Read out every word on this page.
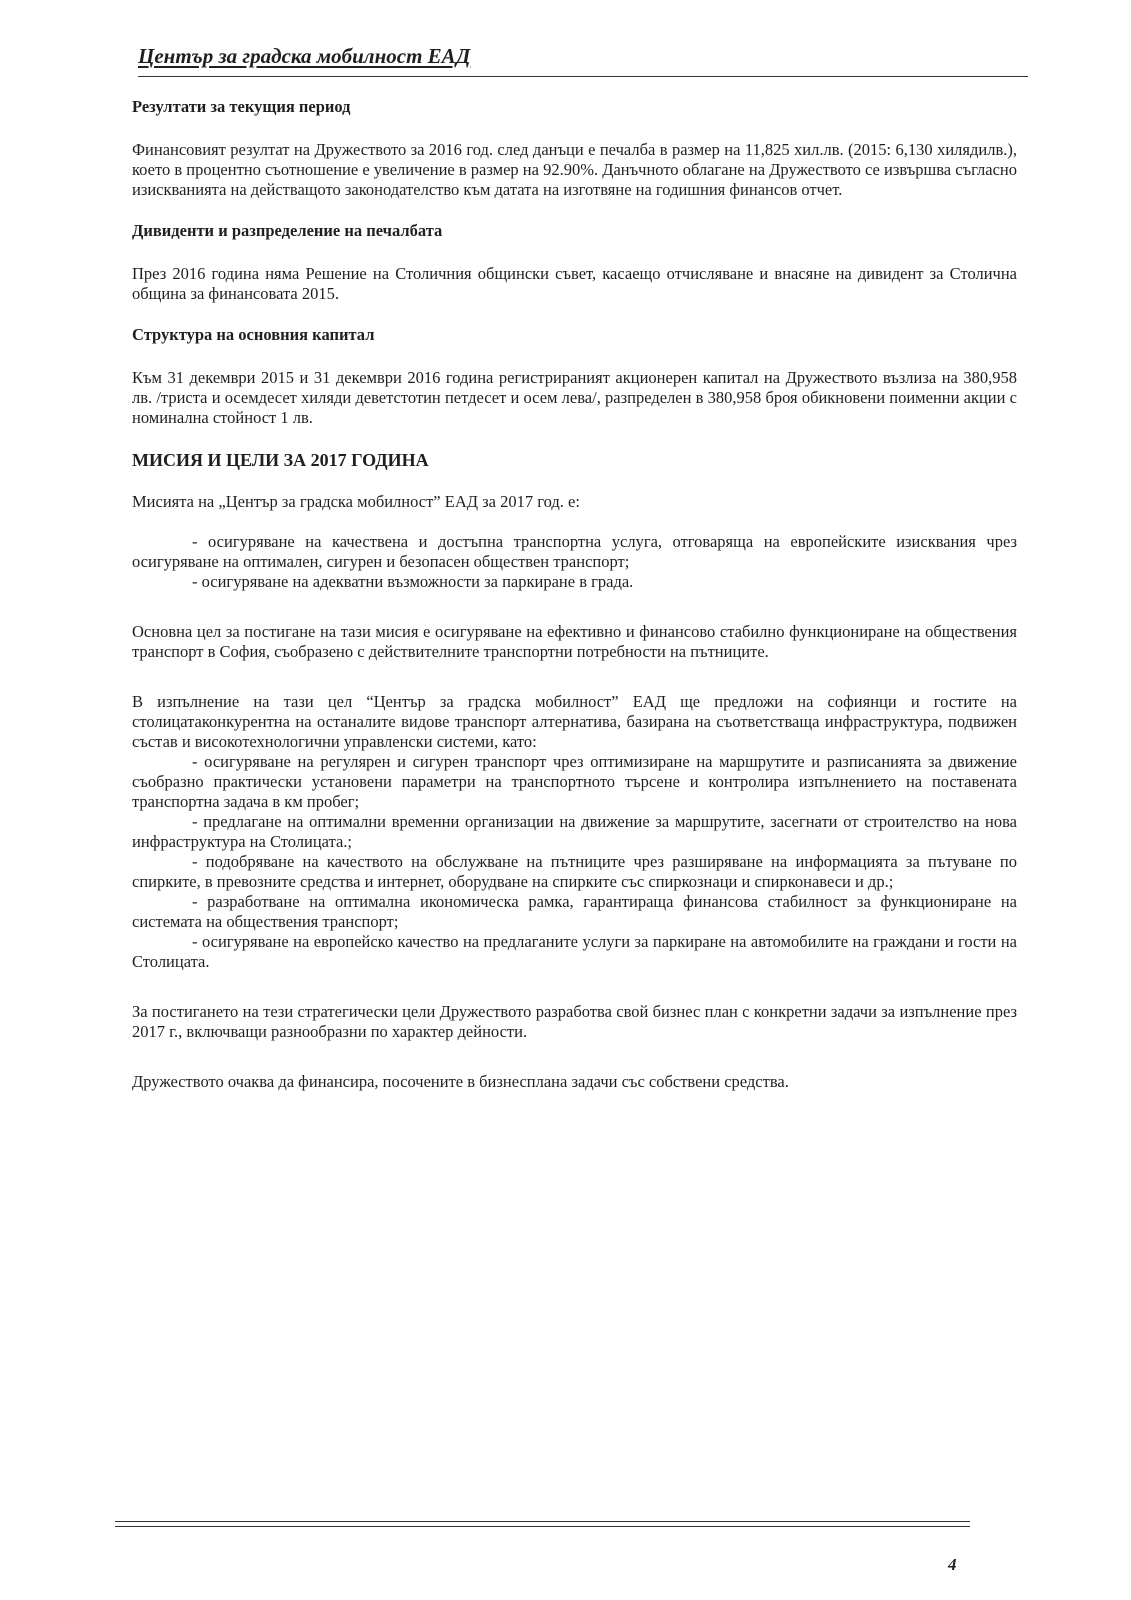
Център за градска мобилност ЕАД
Резултати за текущия период

Финансовият резултат на Дружеството за 2016 год. след данъци е печалба в размер на 11,825 хил.лв. (2015: 6,130 хилядилв.), което в процентно съотношение е увеличение в размер на 92.90%. Данъчното облагане на Дружеството се извършва съгласно изискванията на действащото законодателство към датата на изготвяне на годишния финансов отчет.

Дивиденти и разпределение на печалбата

През 2016 година няма Решение на Столичния общински съвет, касаещо отчисляване и внасяне на дивидент за Столична община за финансовата 2015.

Структура на основния капитал

Към 31 декември 2015 и 31 декември 2016 година регистрираният акционерен капитал на Дружеството възлиза на 380,958 лв. /триста и осемдесет хиляди деветстотин петдесет и осем лева/, разпределен в 380,958 броя обикновени поименни акции с номинална стойност 1 лв.

МИСИЯ И ЦЕЛИ ЗА 2017 ГОДИНА

Мисията на „Център за градска мобилност” ЕАД за 2017 год. е:

- осигуряване на качествена и достъпна транспортна услуга, отговаряща на европейските изисквания чрез осигуряване на оптимален, сигурен и безопасен обществен транспорт;

- осигуряване на адекватни възможности за паркиране в града.

Основна цел за постигане на тази мисия е осигуряване на ефективно и финансово стабилно функциониране на обществения транспорт в София, съобразено с действителните транспортни потребности на пътниците.

В изпълнение на тази цел “Център за градска мобилност” ЕАД ще предложи на софиянци и гостите на столицатаконкурентна на останалите видове транспорт алтернатива, базирана на съответстваща инфраструктура, подвижен състав и високотехнологични управленски системи, като:

- осигуряване на регулярен и сигурен транспорт чрез оптимизиране на маршрутите и разписанията за движение съобразно практически установени параметри на транспортното търсене и контролира изпълнението на поставената транспортна задача в км пробег;

- предлагане на оптимални временни организации на движение за маршрутите, засегнати от строителство на нова инфраструктура на Столицата.;

- подобряване на качеството на обслужване на пътниците чрез разширяване на информацията за пътуване по спирките, в превозните средства и интернет, оборудване на спирките със спиркознаци и спирконавеси и др.;

- разработване на оптимална икономическа рамка, гарантираща финансова стабилност за функциониране на системата на обществения транспорт;

- осигуряване на европейско качество на предлаганите услуги за паркиране на автомобилите на граждани и гости на Столицата.

За постигането на тези стратегически цели Дружеството разработва свой бизнес план с конкретни задачи за изпълнение през 2017 г., включващи разнообразни по характер дейности.

Дружеството очаква да финансира, посочените в бизнесплана задачи със собствени средства.

4
